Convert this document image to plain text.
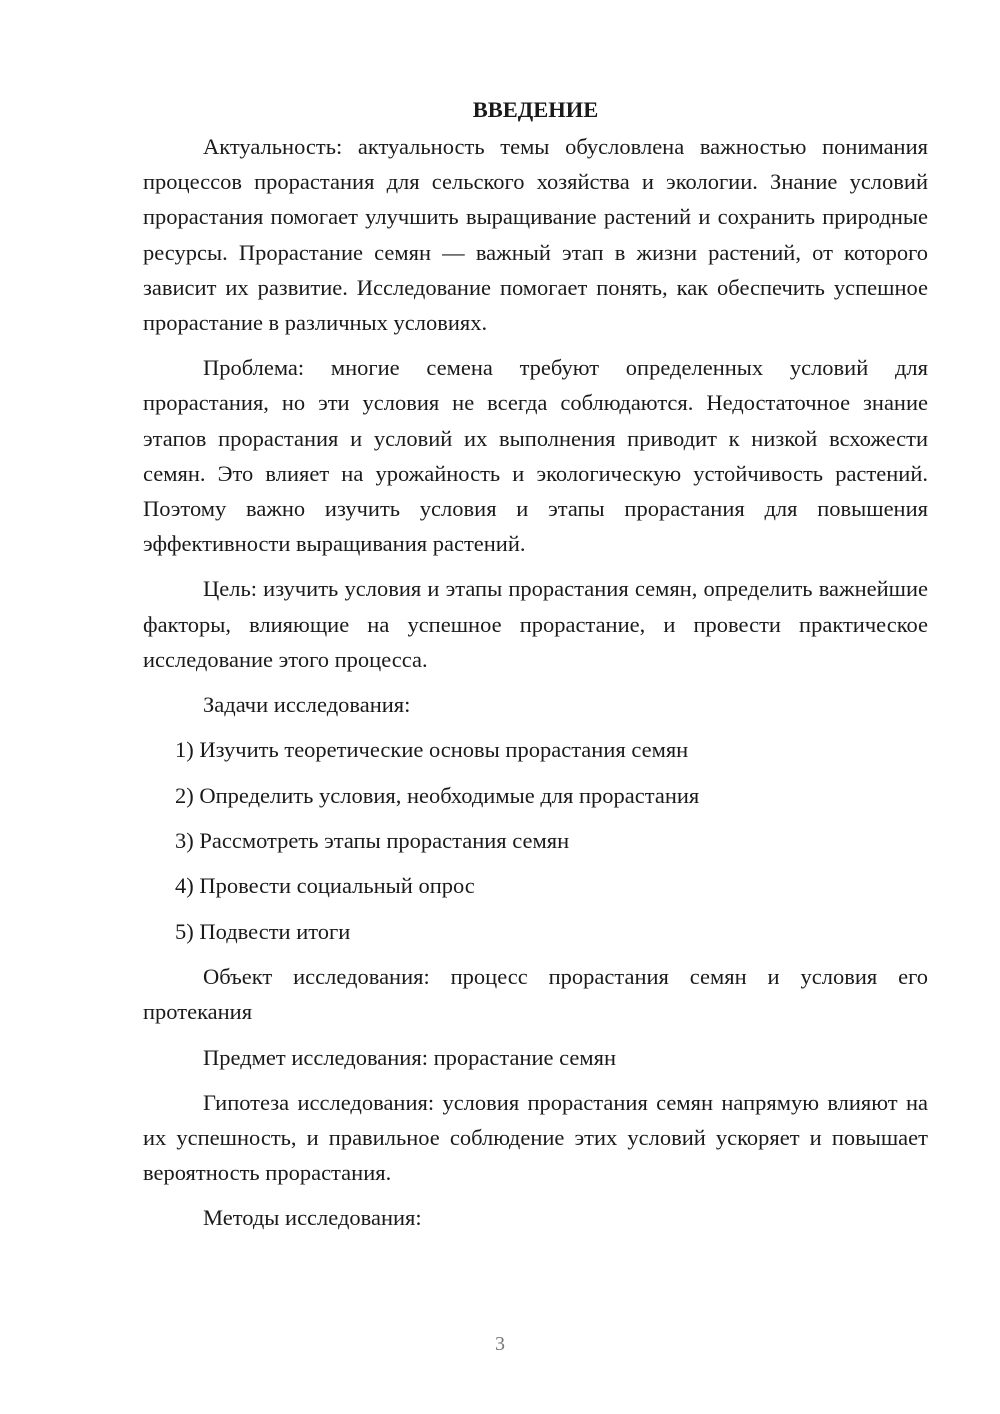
ВВЕДЕНИЕ

Актуальность: актуальность темы обусловлена важностью понимания процессов прорастания для сельского хозяйства и экологии. Знание условий прорастания помогает улучшить выращивание растений и сохранить природные ресурсы. Прорастание семян — важный этап в жизни растений, от которого зависит их развитие. Исследование помогает понять, как обеспечить успешное прорастание в различных условиях.

Проблема: многие семена требуют определенных условий для прорастания, но эти условия не всегда соблюдаются. Недостаточное знание этапов прорастания и условий их выполнения приводит к низкой всхожести семян. Это влияет на урожайность и экологическую устойчивость растений. Поэтому важно изучить условия и этапы прорастания для повышения эффективности выращивания растений.

Цель: изучить условия и этапы прорастания семян, определить важнейшие факторы, влияющие на успешное прорастание, и провести практическое исследование этого процесса.

Задачи исследования:

1) Изучить теоретические основы прорастания семян
2) Определить условия, необходимые для прорастания
3) Рассмотреть этапы прорастания семян
4) Провести социальный опрос
5) Подвести итоги

Объект исследования: процесс прорастания семян и условия его протекания

Предмет исследования: прорастание семян

Гипотеза исследования: условия прорастания семян напрямую влияют на их успешность, и правильное соблюдение этих условий ускоряет и повышает вероятность прорастания.

Методы исследования:

3
